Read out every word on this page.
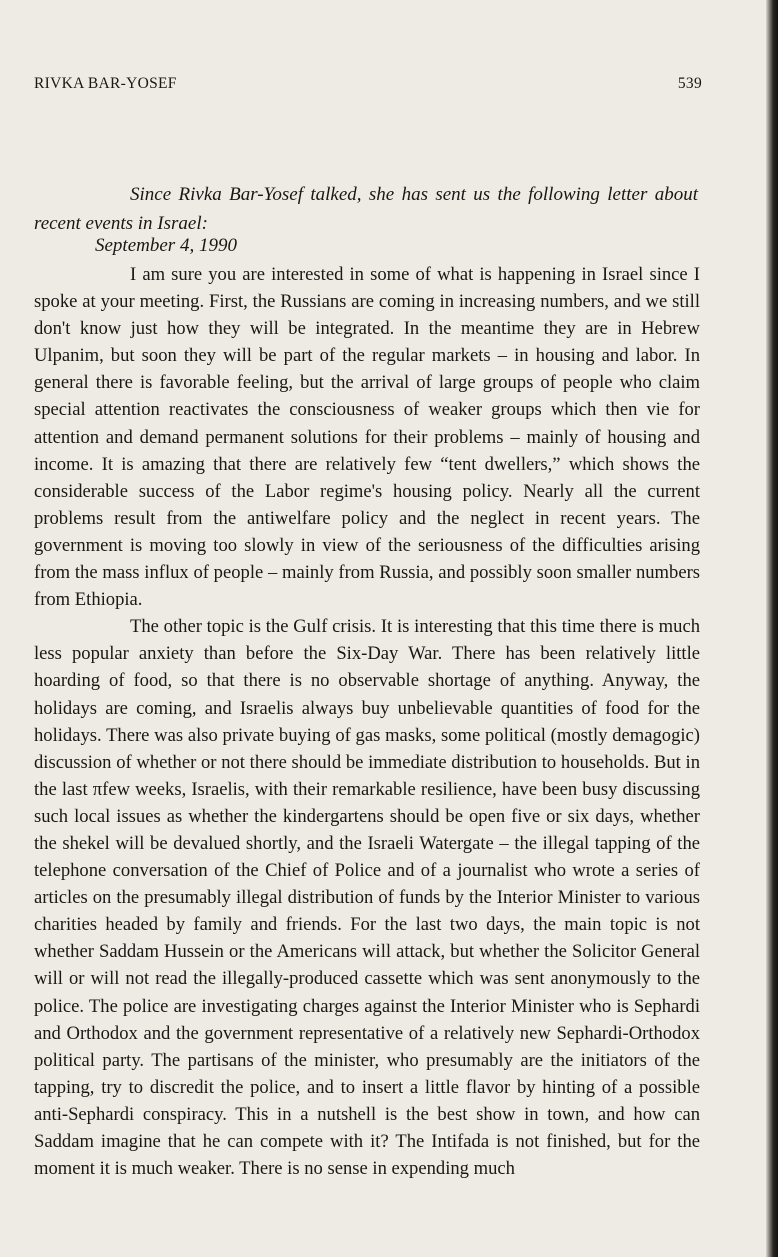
RIVKA BAR-YOSEF	539

Since Rivka Bar-Yosef talked, she has sent us the following letter about recent events in Israel:

September 4, 1990

I am sure you are interested in some of what is happening in Israel since I spoke at your meeting. First, the Russians are coming in increasing numbers, and we still don't know just how they will be integrated. In the meantime they are in Hebrew Ulpanim, but soon they will be part of the regular markets – in housing and labor. In general there is favorable feeling, but the arrival of large groups of people who claim special attention reactivates the consciousness of weaker groups which then vie for attention and demand permanent solutions for their problems – mainly of housing and income. It is amazing that there are relatively few “tent dwellers,” which shows the considerable success of the Labor regime's housing policy. Nearly all the current problems result from the antiwelfare policy and the neglect in recent years. The government is moving too slowly in view of the seriousness of the difficulties arising from the mass influx of people – mainly from Russia, and possibly soon smaller numbers from Ethiopia.

The other topic is the Gulf crisis. It is interesting that this time there is much less popular anxiety than before the Six-Day War. There has been relatively little hoarding of food, so that there is no observable shortage of anything. Anyway, the holidays are coming, and Israelis always buy unbelievable quantities of food for the holidays. There was also private buying of gas masks, some political (mostly demagogic) discussion of whether or not there should be immediate distribution to households. But in the last πfew weeks, Israelis, with their remarkable resilience, have been busy discussing such local issues as whether the kindergartens should be open five or six days, whether the shekel will be devalued shortly, and the Israeli Watergate – the illegal tapping of the telephone conversation of the Chief of Police and of a journalist who wrote a series of articles on the presumably illegal distribution of funds by the Interior Minister to various charities headed by family and friends. For the last two days, the main topic is not whether Saddam Hussein or the Americans will attack, but whether the Solicitor General will or will not read the illegally-produced cassette which was sent anonymously to the police. The police are investigating charges against the Interior Minister who is Sephardi and Orthodox and the government representative of a relatively new Sephardi-Orthodox political party. The partisans of the minister, who presumably are the initiators of the tapping, try to discredit the police, and to insert a little flavor by hinting of a possible anti-Sephardi conspiracy. This in a nutshell is the best show in town, and how can Saddam imagine that he can compete with it? The Intifada is not finished, but for the moment it is much weaker. There is no sense in expending much
